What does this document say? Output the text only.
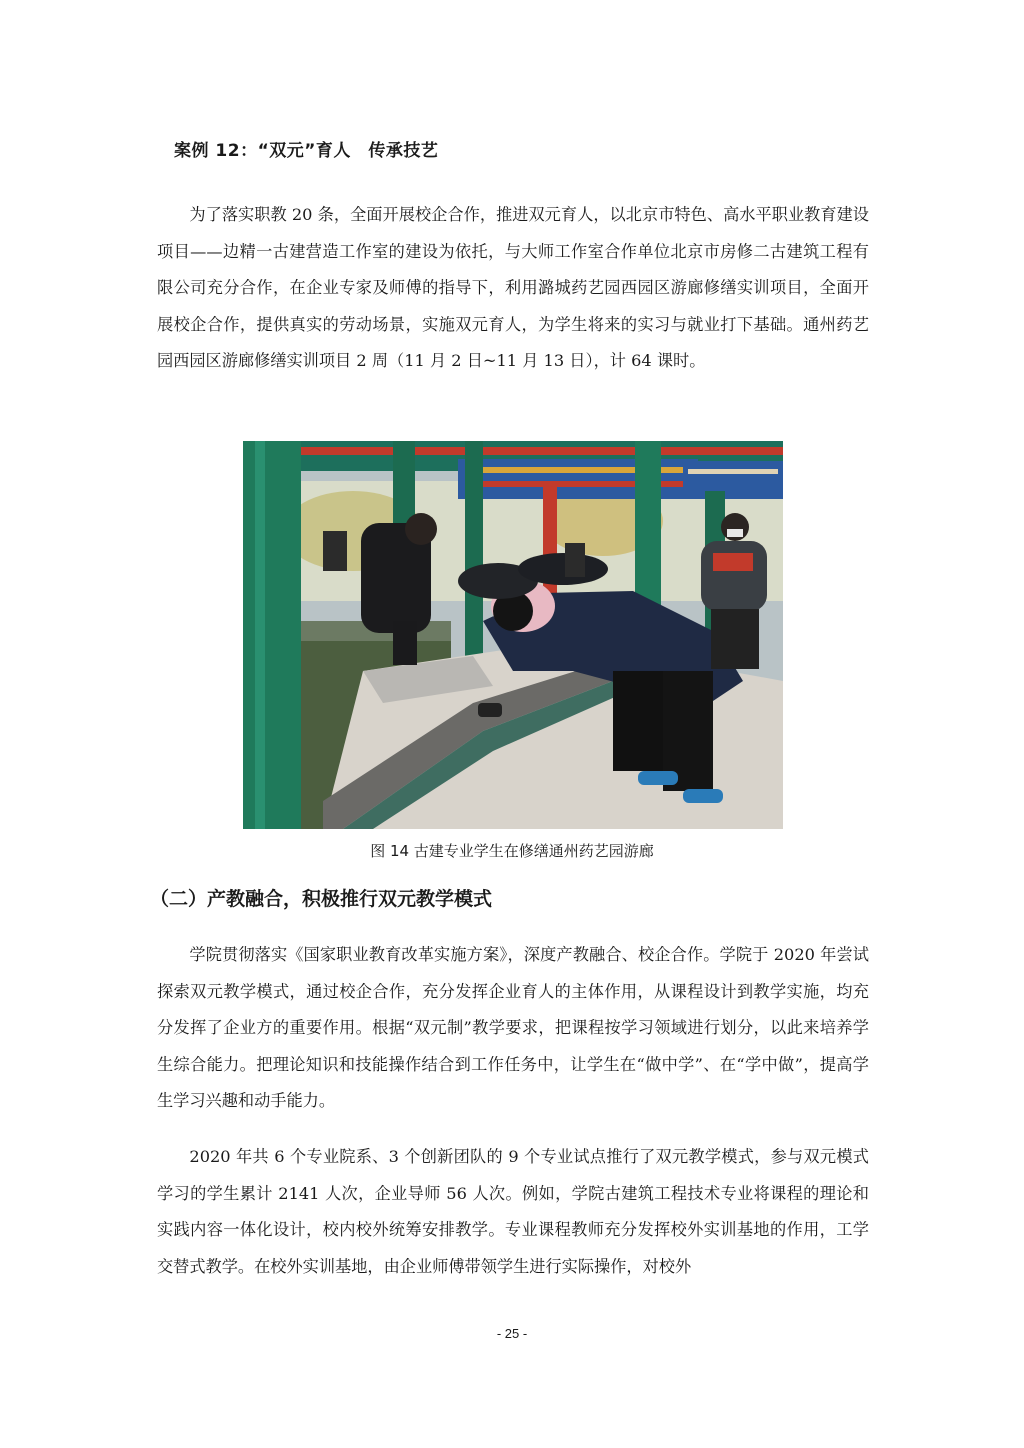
案例 12：“双元”育人　传承技艺

为了落实职教 20 条，全面开展校企合作，推进双元育人，以北京市特色、高水平职业教育建设项目——边精一古建营造工作室的建设为依托，与大师工作室合作单位北京市房修二古建筑工程有限公司充分合作，在企业专家及师傅的指导下，利用潞城药艺园西园区游廊修缮实训项目，全面开展校企合作，提供真实的劳动场景，实施双元育人，为学生将来的实习与就业打下基础。通州药艺园西园区游廊修缮实训项目 2 周（11 月 2 日~11 月 13 日），计 64 课时。

图 14 古建专业学生在修缮通州药艺园游廊
（二）产教融合，积极推行双元教学模式

学院贯彻落实《国家职业教育改革实施方案》，深度产教融合、校企合作。学院于 2020 年尝试探索双元教学模式，通过校企合作，充分发挥企业育人的主体作用，从课程设计到教学实施，均充分发挥了企业方的重要作用。根据“双元制”教学要求，把课程按学习领域进行划分，以此来培养学生综合能力。把理论知识和技能操作结合到工作任务中，让学生在“做中学”、在“学中做”，提高学生学习兴趣和动手能力。

2020 年共 6 个专业院系、3 个创新团队的 9 个专业试点推行了双元教学模式，参与双元模式学习的学生累计 2141 人次，企业导师 56 人次。例如，学院古建筑工程技术专业将课程的理论和实践内容一体化设计，校内校外统筹安排教学。专业课程教师充分发挥校外实训基地的作用，工学交替式教学。在校外实训基地，由企业师傅带领学生进行实际操作，对校外

- 25 -
